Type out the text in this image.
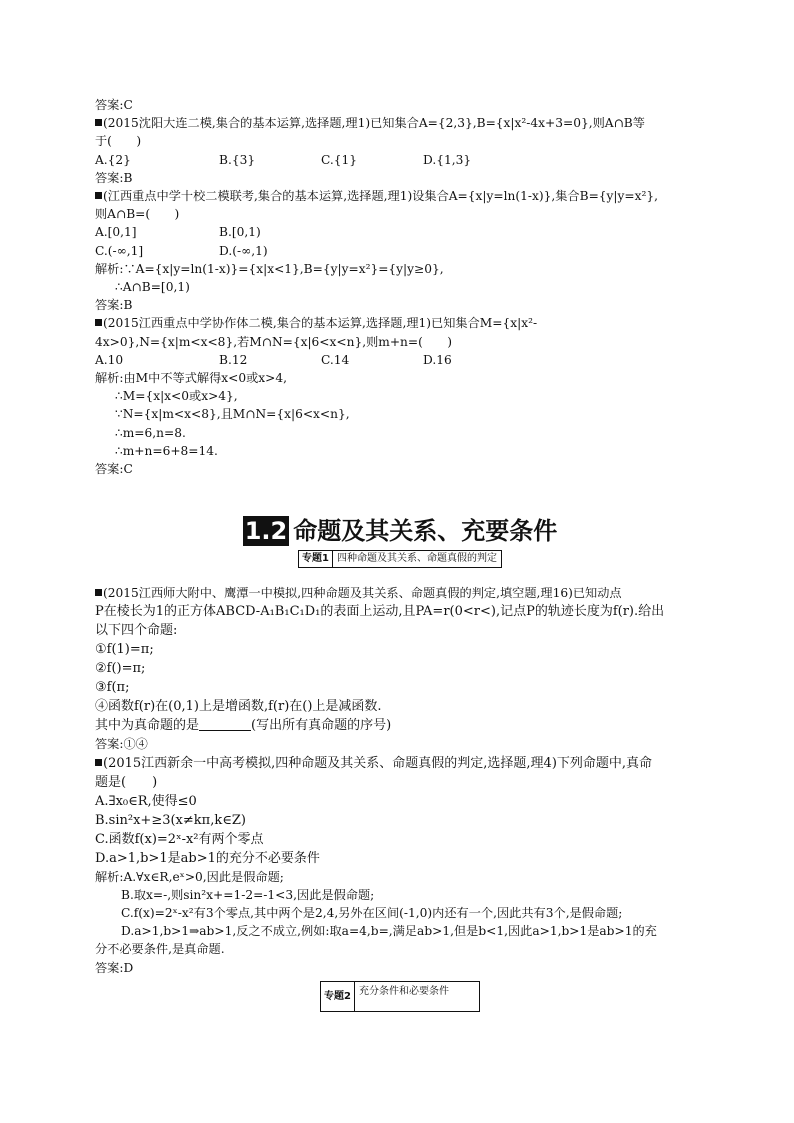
答案:C
(2015沈阳大连二模,集合的基本运算,选择题,理1)已知集合A={2,3},B={x|x²-4x+3=0},则A∩B等
于(　　)
A.{2}	B.{3}	C.{1}	D.{1,3}
答案:B
(江西重点中学十校二模联考,集合的基本运算,选择题,理1)设集合A={x|y=ln(1-x)},集合B={y|y=x²},
则A∩B=(　　)
A.[0,1]	B.[0,1)
C.(-∞,1]	D.(-∞,1)
解析:∵A={x|y=ln(1-x)}={x|x<1},B={y|y=x²}={y|y≥0},
∴A∩B=[0,1)
答案:B
(2015江西重点中学协作体二模,集合的基本运算,选择题,理1)已知集合M={x|x²-
4x>0},N={x|m<x<8},若M∩N={x|6<x<n},则m+n=(　　)
A.10	B.12	C.14	D.16
解析:由M中不等式解得x<0或x>4,
∴M={x|x<0或x>4},
∵N={x|m<x<8},且M∩N={x|6<x<n},
∴m=6,n=8.
∴m+n=6+8=14.
答案:C
1.2 命题及其关系、充要条件
专题1 四种命题及其关系、命题真假的判定
(2015江西师大附中、鹰潭一中模拟,四种命题及其关系、命题真假的判定,填空题,理16)已知动点
P在棱长为1的正方体ABCD-A₁B₁C₁D₁的表面上运动,且PA=r(0<r<),记点P的轨迹长度为f(r).给出
以下四个命题:
①f(1)=π;
②f()=π;
③f(π;
④函数f(r)在(0,1)上是增函数,f(r)在()上是减函数.
其中为真命题的是	(写出所有真命题的序号)
答案:①④
(2015江西新余一中高考模拟,四种命题及其关系、命题真假的判定,选择题,理4)下列命题中,真命
题是(　　)
A.∃x₀∈R,使得≤0
B.sin²x+≥3(x≠kπ,k∈Z)
C.函数f(x)=2ˣ-x²有两个零点
D.a>1,b>1是ab>1的充分不必要条件
解析:A.∀x∈R,eˣ>0,因此是假命题;
B.取x=-,则sin²x+=1-2=-1<3,因此是假命题;
C.f(x)=2ˣ-x²有3个零点,其中两个是2,4,另外在区间(-1,0)内还有一个,因此共有3个,是假命题;
D.a>1,b>1⇒ab>1,反之不成立,例如:取a=4,b=,满足ab>1,但是b<1,因此a>1,b>1是ab>1的充
分不必要条件,是真命题.
答案:D
专题2 充分条件和必要条件
